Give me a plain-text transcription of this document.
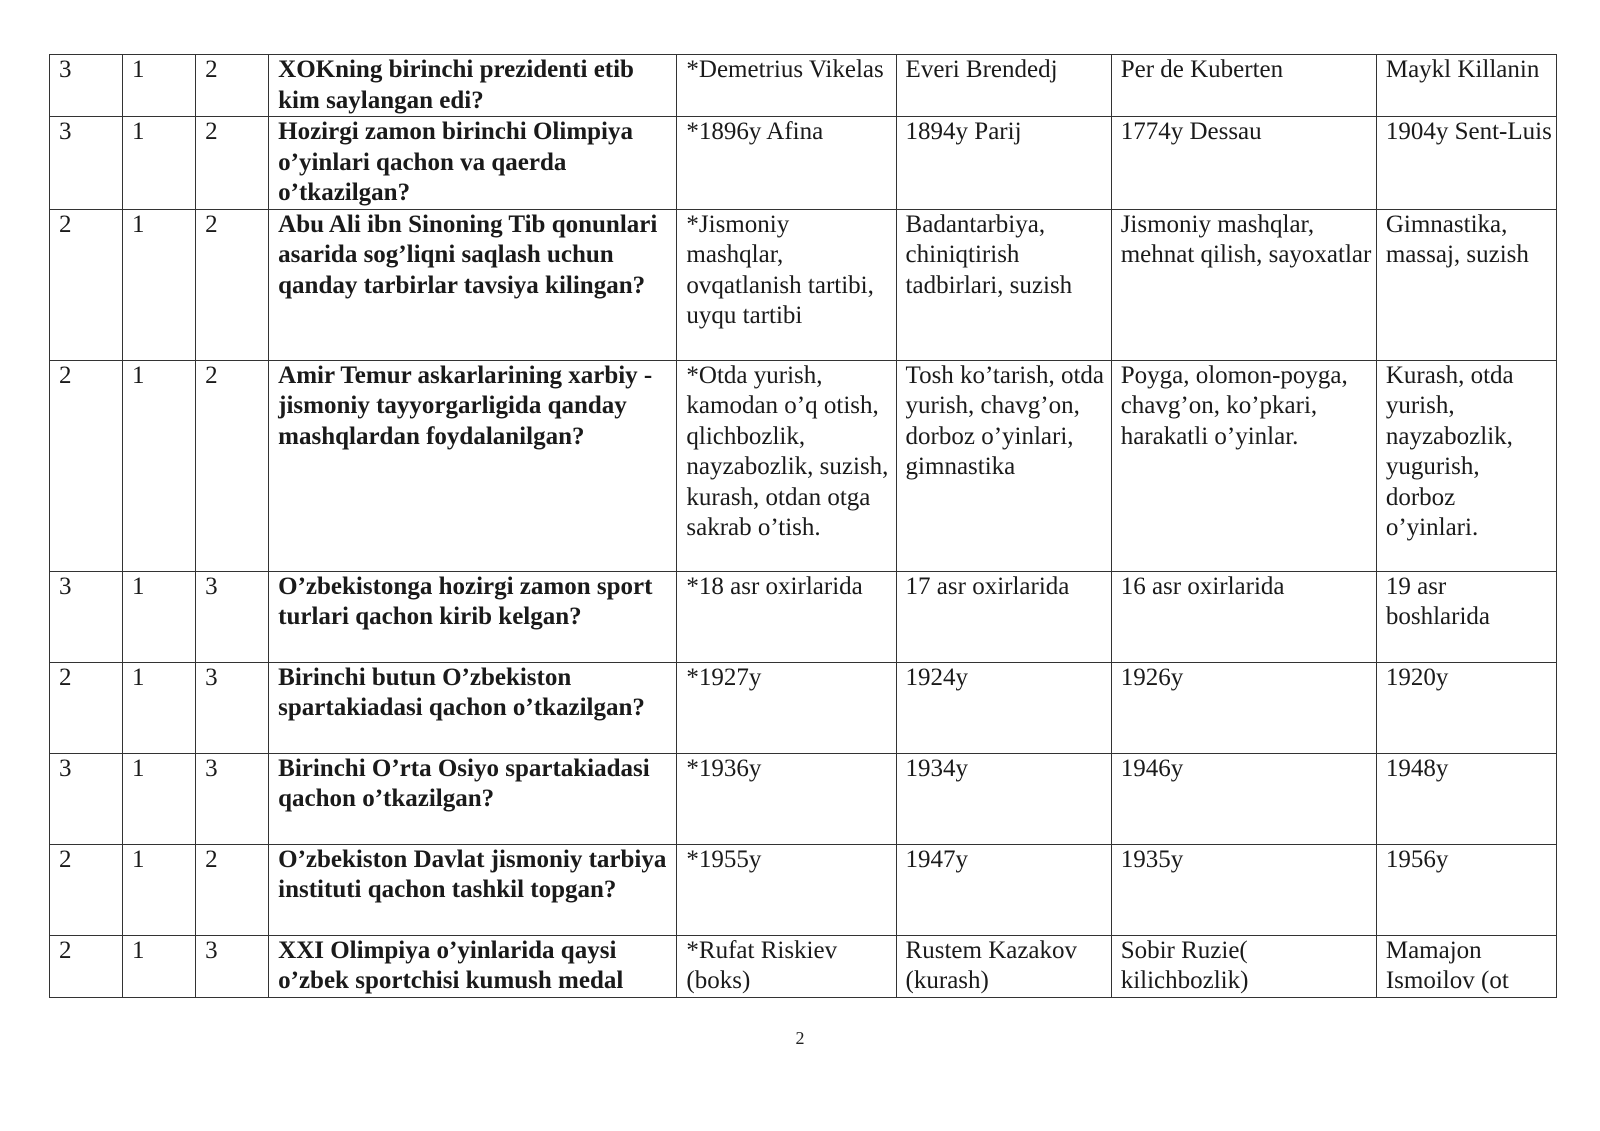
3	1	2	XOKning birinchi prezidenti etib kim saylangan edi?	*Demetrius Vikelas	Everi Brendedj	Per de Kuberten	Maykl Killanin
3	1	2	Hozirgi zamon birinchi Olimpiya o’yinlari qachon va qaerda o’tkazilgan?	*1896y Afina	1894y Parij	1774y Dessau	1904y Sent-Luis
2	1	2	Abu Ali ibn Sinoning Tib qonunlari asarida sog’liqni saqlash uchun qanday tarbirlar tavsiya kilingan?	*Jismoniy mashqlar, ovqatlanish tartibi, uyqu tartibi	Badantarbiya, chiniqtirish tadbirlari, suzish	Jismoniy mashqlar, mehnat qilish, sayoxatlar	Gimnastika, massaj, suzish
2	1	2	Amir Temur askarlarining xarbiy -jismoniy tayyorgarligida qanday mashqlardan foydalanilgan?	*Otda yurish, kamodan o’q otish, qlichbozlik, nayzabozlik, suzish, kurash, otdan otga sakrab o’tish.	Tosh ko’tarish, otda yurish, chavg’on, dorboz o’yinlari, gimnastika	Poyga, olomon-poyga, chavg’on, ko’pkari, harakatli o’yinlar.	Kurash, otda yurish, nayzabozlik, yugurish, dorboz o’yinlari.
3	1	3	O’zbekistonga hozirgi zamon sport turlari qachon kirib kelgan?	*18 asr oxirlarida	17 asr oxirlarida	16 asr oxirlarida	19 asr boshlarida
2	1	3	Birinchi butun O’zbekiston spartakiadasi qachon o’tkazilgan?	*1927y	1924y	1926y	1920y
3	1	3	Birinchi O’rta Osiyo spartakiadasi qachon o’tkazilgan?	*1936y	1934y	1946y	1948y
2	1	2	O’zbekiston Davlat jismoniy tarbiya instituti qachon tashkil topgan?	*1955y	1947y	1935y	1956y
2	1	3	XXI Olimpiya o’yinlarida qaysi o’zbek sportchisi kumush medal	*Rufat Riskiev (boks)	Rustem Kazakov (kurash)	Sobir Ruzie( kilichbozlik)	Mamajon Ismoilov (ot
2
